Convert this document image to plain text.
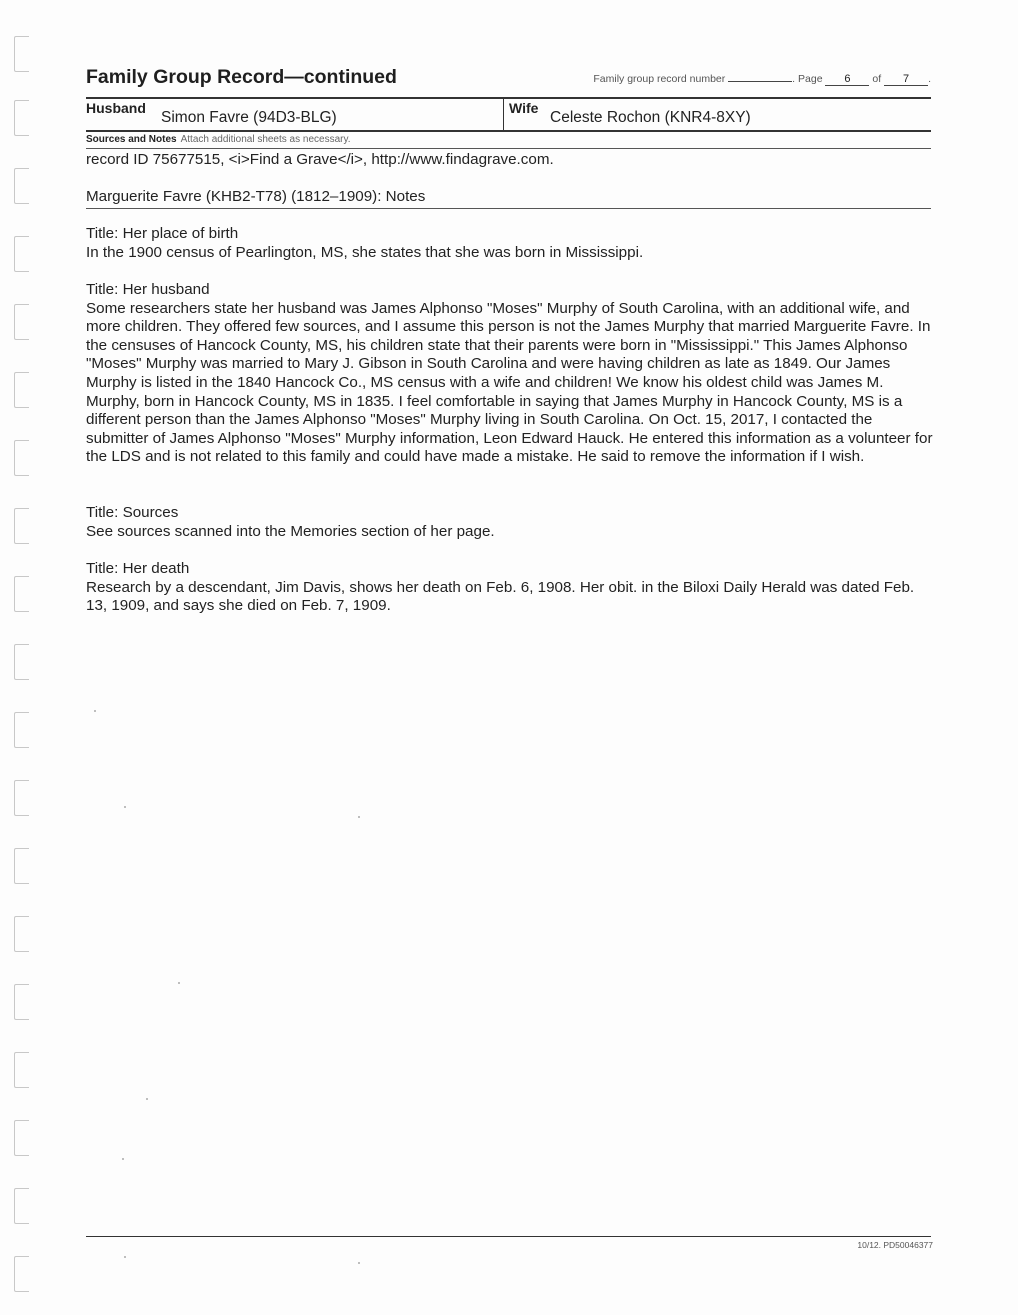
Family Group Record—continued	Family group record number	. Page 6 of 7 .
Husband
Simon Favre (94D3-BLG)
Wife
Celeste Rochon (KNR4-8XY)
Sources and Notes Attach additional sheets as necessary.
record ID 75677515, <i>Find a Grave</i>, http://www.findagrave.com.
Marguerite Favre (KHB2-T78) (1812–1909): Notes

Title: Her place of birth

In the 1900 census of Pearlington, MS, she states that she was born in Mississippi.

Title: Her husband

Some researchers state her husband was James Alphonso "Moses" Murphy of South Carolina, with an additional wife, and more children. They offered few sources, and I assume this person is not the James Murphy that married Marguerite Favre. In the censuses of Hancock County, MS, his children state that their parents were born in "Mississippi." This James Alphonso "Moses" Murphy was married to Mary J. Gibson in South Carolina and were having children as late as 1849. Our James Murphy is listed in the 1840 Hancock Co., MS census with a wife and children! We know his oldest child was James M. Murphy, born in Hancock County, MS in 1835. I feel comfortable in saying that James Murphy in Hancock County, MS is a different person than the James Alphonso "Moses" Murphy living in South Carolina. On Oct. 15, 2017, I contacted the submitter of James Alphonso "Moses" Murphy information, Leon Edward Hauck. He entered this information as a volunteer for the LDS and is not related to this family and could have made a mistake. He said to remove the information if I wish.

Title: Sources

See sources scanned into the Memories section of her page.

Title: Her death

Research by a descendant, Jim Davis, shows her death on Feb. 6, 1908. Her obit. in the Biloxi Daily Herald was dated Feb. 13, 1909, and says she died on Feb. 7, 1909.

10/12. PD50046377
